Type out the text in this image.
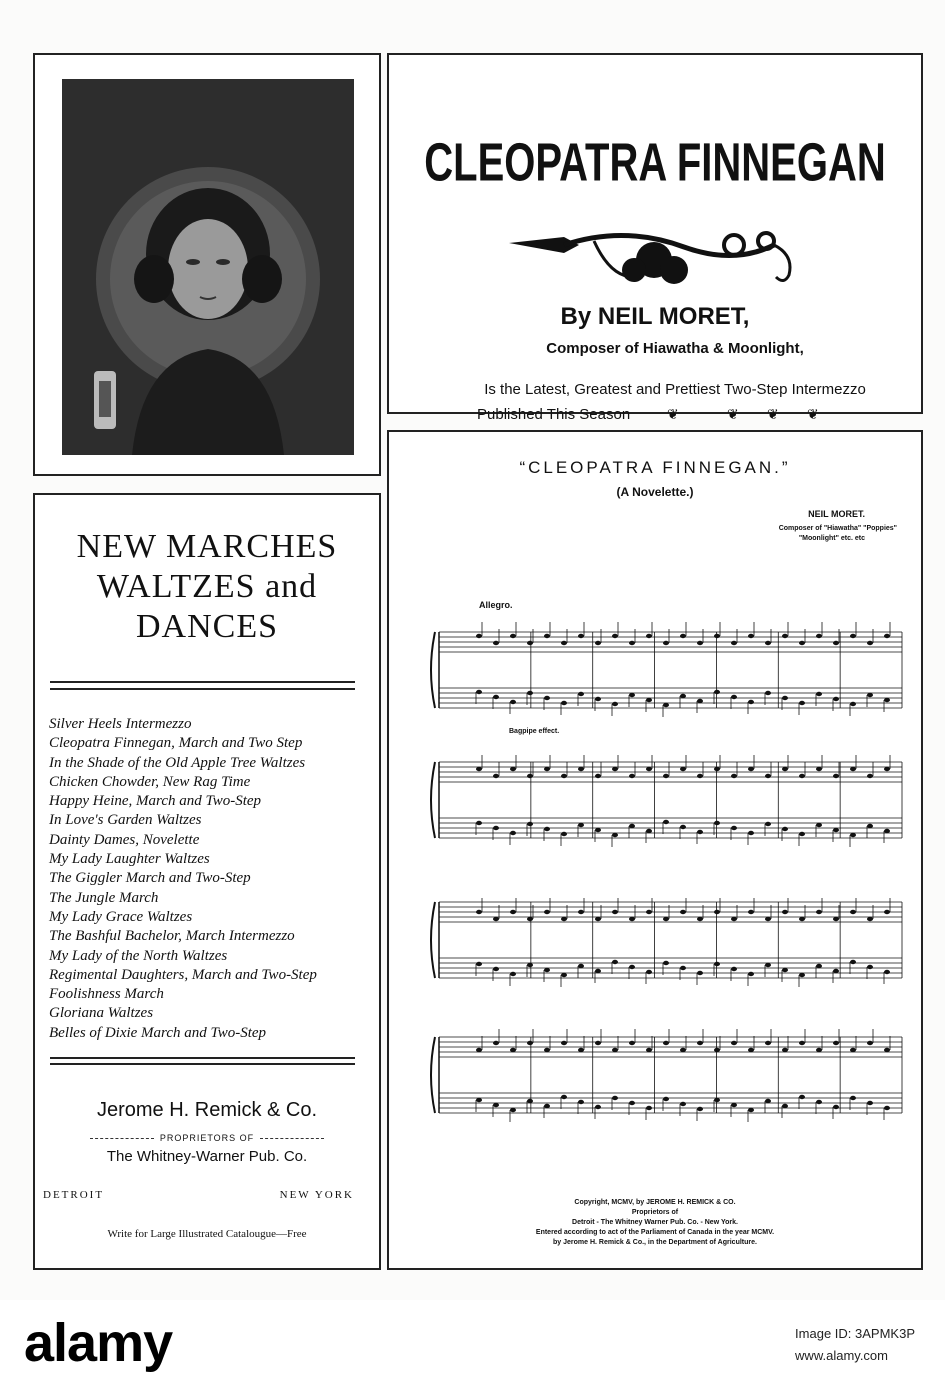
CLEOPATRA FINNEGAN
By NEIL MORET,
Composer of Hiawatha & Moonlight,
Is the Latest, Greatest and Prettiest Two-Step Intermezzo
Published This Season	❦	❦ ❦ ❦
NEW MARCHES
WALTZES and
DANCES
Silver Heels Intermezzo
Cleopatra Finnegan, March and Two Step
In the Shade of the Old Apple Tree Waltzes
Chicken Chowder, New Rag Time
Happy Heine, March and Two-Step
In Love's Garden Waltzes
Dainty Dames, Novelette
My Lady Laughter Waltzes
The Giggler March and Two-Step
The Jungle March
My Lady Grace Waltzes
The Bashful Bachelor, March Intermezzo
My Lady of the North Waltzes
Regimental Daughters, March and Two-Step
Foolishness March
Gloriana Waltzes
Belles of Dixie March and Two-Step
Jerome H. Remick & Co.
PROPRIETORS OF
The Whitney-Warner Pub. Co.
DETROIT	NEW YORK
Write for Large Illustrated Catalougue—Free
“CLEOPATRA FINNEGAN.”
(A Novelette.)
NEIL MORET.
Composer of "Hiawatha" "Poppies"
"Moonlight" etc. etc
Allegro.
Bagpipe effect.
Copyright, MCMV, by JEROME H. REMICK & CO.
Proprietors of
Detroit - The Whitney Warner Pub. Co. - New York.
Entered according to act of the Parliament of Canada in the year MCMV.
by Jerome H. Remick & Co., in the Department of Agriculture.
alamy	Image ID: 3APMK3P
www.alamy.com
